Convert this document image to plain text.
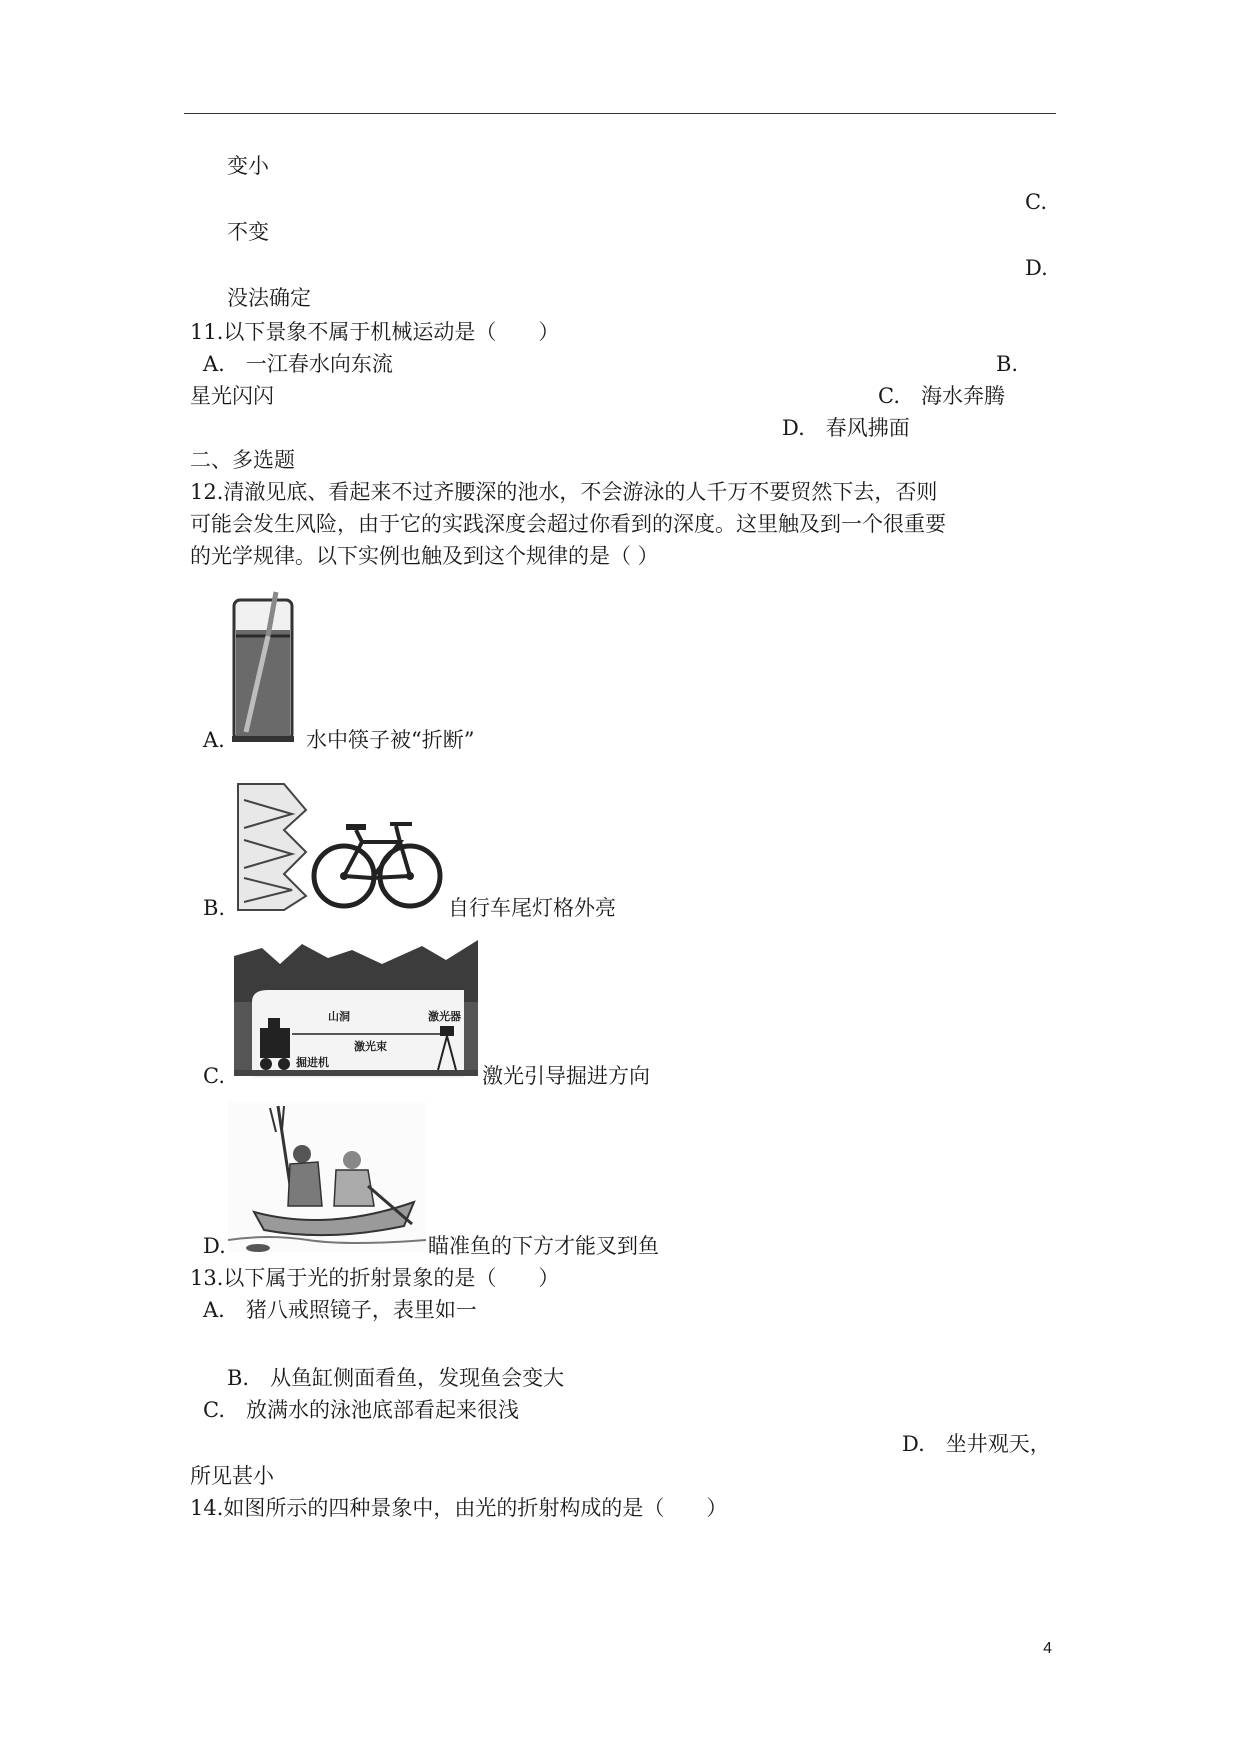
变小
C.
不变
D.
没法确定
11.以下景象不属于机械运动是（　　）
A.　一江春水向东流	B.
星光闪闪	C.　海水奔腾
D.　春风拂面
二、多选题
12.清澈见底、看起来不过齐腰深的池水，不会游泳的人千万不要贸然下去，否则
可能会发生风险，由于它的实践深度会超过你看到的深度。这里触及到一个很重要
的光学规律。以下实例也触及到这个规律的是（ ）
A.	水中筷子被“折断”
B.	自行车尾灯格外亮
山洞	激光器
激光束
掘进机
C.	激光引导掘进方向
D.	瞄准鱼的下方才能叉到鱼
13.以下属于光的折射景象的是（　　）
A.　猪八戒照镜子，表里如一
B.　从鱼缸侧面看鱼，发现鱼会变大
C.　放满水的泳池底部看起来很浅
D.　坐井观天，
所见甚小
14.如图所示的四种景象中，由光的折射构成的是（　　）
4
